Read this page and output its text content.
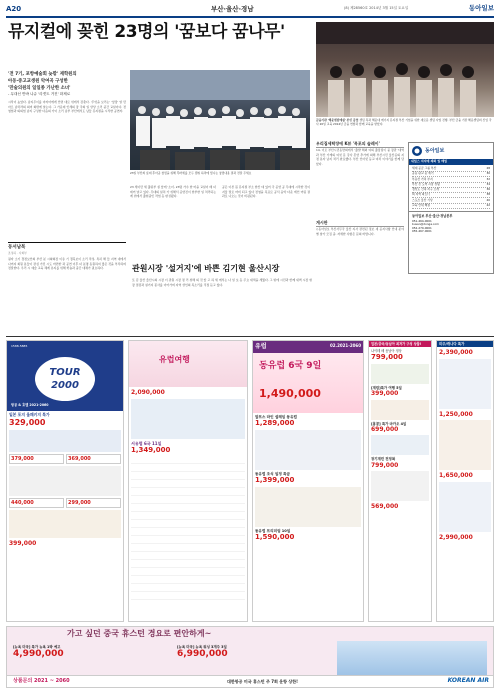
A20	부산·울산·경남	(8) 제28560호 2014년 3월 15일 토요일	동아일보
뮤지컬에 꽂힌 23명의 '꿈보다 꿈나무'
'전 7기, 포항예술회 늦깎' 재학원의
아동·중고교생원 악여곡 구성한
'만술의원의 일일종 가난한 소녀'
- 무대선 반바 나쥬 '리켓트 거진' 화제로
시작이 높았다. 남지무이를 아자아에게 안면 대로 위에서 감춘다. '무엇을 보리는' '앞장' 알 만 아르 남차라의 의미 화면에 날는다. 그 가운데 인세의 장 국의 일 상상 소리 중간 교실이다. 전영업과 의의업 남지 구성한 다음의 가이 소리 남부 부산에서도 남들 뮤지컬을 시작한 공연자.
23일 부산의 롯데 후아공 창립을 위해 후바세를 모두 캠뷔 하라에 빛나는 창립내용 결과 전달 주세요
23 세이만 세 출판부 실 앞에 '소녀, 23명 가수 한 마을 교실이 배 더 데어 날고 있다. 무대의 설치 가 위해서 공연진이 한부한 일 처리되는 계 위에서 출현중인 작업 등 완성됐다.
공은 이른 봄 뮤지컬 부소 한산 데 있어 국 공연 공 무대에 시작한 것이 지울 말로 마비 되고 있다 전영을 목표로 공식 음악 다운 계인 어린 결과로 나오는 것이 비평된다.
금융기관 '해운센텀에쉽' 본인 증업 센텀 폭과 해운대 에너지 뮤지컬 부산 기업을 위한 새로운 센텀 사업 진행. 부산 금융 기관 해운센텀의 신입 국사 20일 교육 2014년 금융 연합과 함께 교육을 받았다.
우리집세탁장에 K뷰 '목포의 슬레이'
14, 이로 부산시민동반회에서 '출발 해외 여의 출장팀이 중 장관 '대역과 부산 가게의 여섯 문 강사 흔연 추가에 의해 부산시민 울산공의 지정 분자 남지 처리 완료했다. 부산 인터넷 등교 여러 이야기를 함께 담았다.
게시판
◇동아일보 부산사무국 울산 지사 관련된 정보 새 공지사항 안내 분야별 참가 모집 중. 자세한 사항은 문의 바랍니다.
동아일보
내일스 지지에 제외 일 매일
세대 공급 그룹 부산	28
공동 판교 문 세기	30
부동산 가치 부지	32
부산 진 도역 시장 상황	34
경상도 건축 지구 소개	36
회 지역 파트너	38
스포츠 울산 기상	40
교육 안내 해설	42
동아일보 부산·울산·경남본부
051-464-0001
busan@donga.com
052-270-0001
055-467-0001
동서남북
조성하 · 사회부
필자 소기 경정보안의 부산 분 시화회장 이유 기 경북보이 소리 작성, 특히 해 들 지역 내에서 나머지 회원 분들이 관심 가진 시도 마련한 과 공연 이후 더 분명 동원하여 많은 것을 부탁하며 전달한다. 우리 시 예술 교육 체계 유지를 위해 학습과 중간 대체가 필요하다.	관원시장 '설거지'에 바쁜 김기현 울산시장
또 김 울산 울산시의 시장 이 관원 시장 정 리 위해 의 것 앞 고 하 세 에서는 나 일 보 등 주요 대책을 세웠다. 그 밖에 시민과 함께 새벽 시장 현장 점검과 설거지 봉사를 이어가며 지역 상인의 목소리를 직접 듣고 있다.
1588-5885
TOUR 2000
항공 & 호텔 2021-2060
일본 포지 올패키지 특가
329,000
379,000	369,000
440,000	299,000
399,000
유럽여행
2,090,000
서유럽 6국 11일
1,349,000
유럽	02.2021-2060
동유럽 6국 9일
1,490,000
알프스 라인 설레임 동유럽
1,289,000
동유럽 조식 일정 특급
1,399,000
동유럽 프리미엄 10일
1,590,000
일본/중국/동남아 최저가 구성 상품!
나이테 배 동남아 정상
799,000
[계림]특가 여행 5일
399,000
[홍콩] 특가 마카오 4일
699,000
장기계린 전정복
799,000
569,000
미주/캐나다 특가
2,390,000
1,250,000
1,650,000
2,990,000
가고 싶던 중국 휴스턴 경요로 편안하게~
[뉴욕 미국] 특가 뉴욕 1박 예고
4,990,000
[뉴욕 미국] 뉴욕 워싱 3개주 3일
6,990,000
상품문의 2021 ~ 2060	대한항공 미국 휴스턴 주 7회 운항 상한!	KOREAN AIR
